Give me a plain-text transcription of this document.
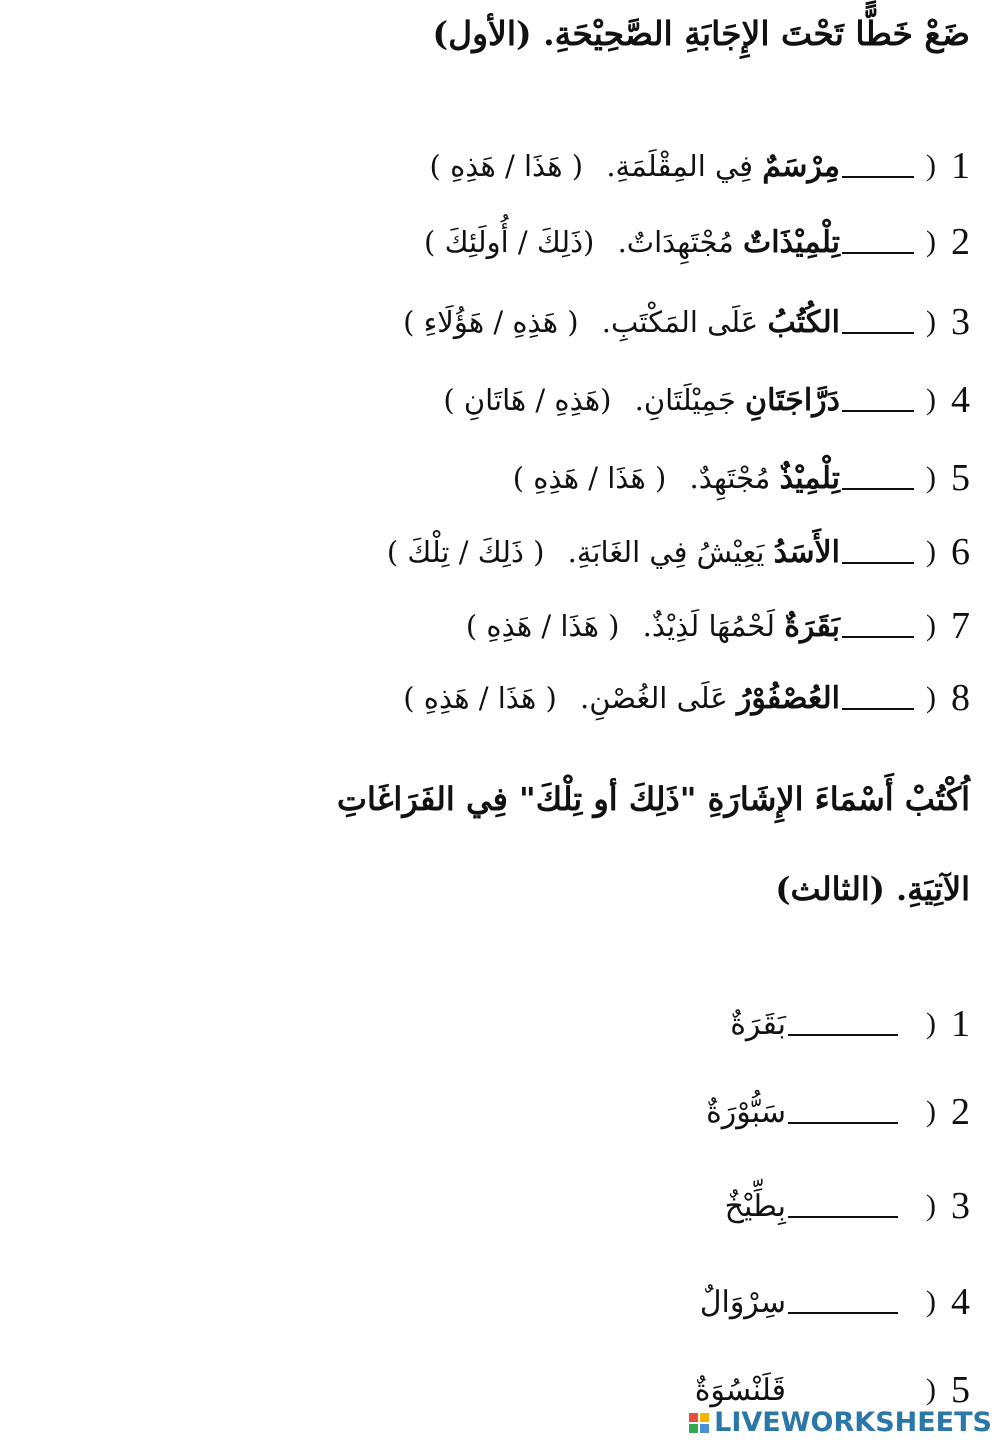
ضَعْ خَطًّا تَحْتَ الإِجَابَةِ الصَّحِيْحَةِ. (الأول)
1
)
مِرْسَمٌ فِي المِقْلَمَةِ. ( هَذَا / هَذِهِ )
2
)
تِلْمِيْذَاتٌ مُجْتَهِدَاتٌ. (ذَلِكَ / أُولَئِكَ )
3
)
الكُتُبُ عَلَى المَكْتَبِ. ( هَذِهِ / هَؤُلَاءِ )
4
)
دَرَّاجَتَانِ جَمِيْلَتَانِ. (هَذِهِ / هَاتَانِ )
5
)
تِلْمِيْذٌ مُجْتَهِدٌ. ( هَذَا / هَذِهِ )
6
)
الأَسَدُ يَعِيْشُ فِي الغَابَةِ. ( ذَلِكَ / تِلْكَ )
7
)
بَقَرَةٌ لَحْمُهَا لَذِيْذٌ. ( هَذَا / هَذِهِ )
8
)
العُصْفُوْرُ عَلَى الغُصْنِ. ( هَذَا / هَذِهِ )
اُكْتُبْ أَسْمَاءَ الإِشَارَةِ "ذَلِكَ أو تِلْكَ" فِي الفَرَاغَاتِ
الآتِيَةِ. (الثالث)
1
)
بَقَرَةٌ
2
)
سَبُّوْرَةٌ
3
)
بِطِّيْخٌ
4
)
سِرْوَالٌ
5
)
قَلَنْسُوَةٌ
LIVEWORKSHEETS
